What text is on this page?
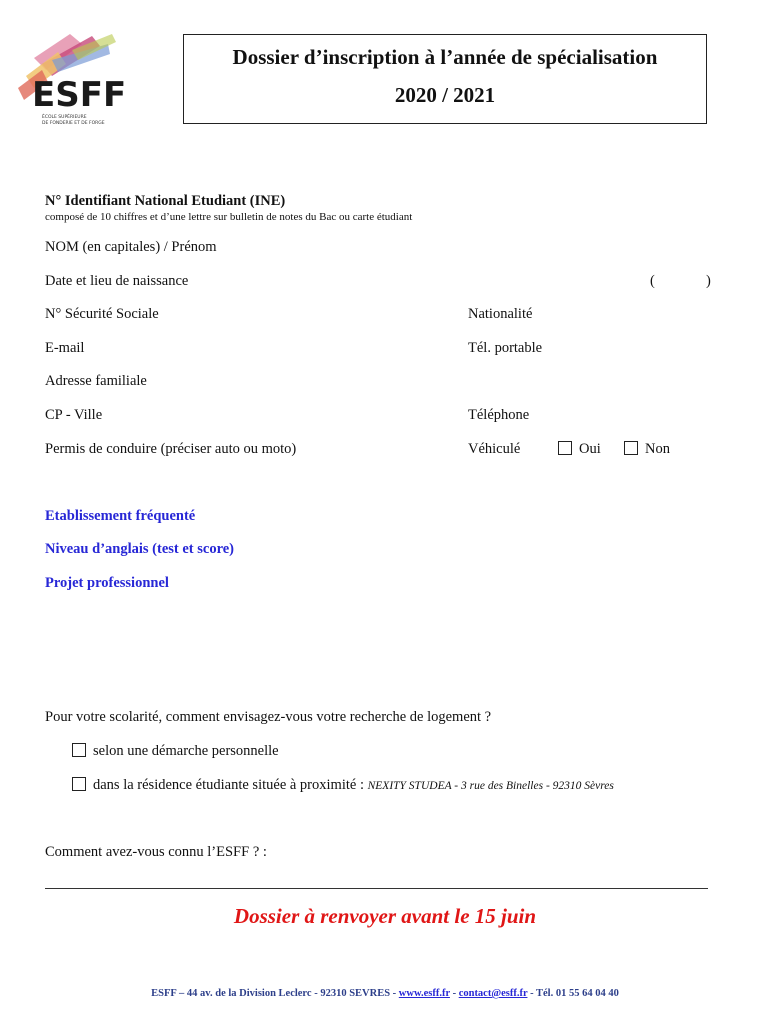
ESFF
ÉCOLE SUPÉRIEURE
DE FONDERIE ET DE FORGE
Dossier d’inscription à l’année de spécialisation
2020 / 2021
N° Identifiant National Etudiant (INE)
composé de 10 chiffres et d’une lettre sur bulletin de notes du Bac ou carte étudiant
NOM (en capitales) / Prénom
Date et lieu de naissance	(	)
N° Sécurité Sociale	Nationalité
E-mail	Tél. portable
Adresse familiale
CP - Ville	Téléphone
Permis de conduire (préciser auto ou moto)	Véhiculé	Oui	Non
Etablissement fréquenté
Niveau d’anglais (test et score)
Projet professionnel
Pour votre scolarité, comment envisagez-vous votre recherche de logement ?
selon une démarche personnelle
dans la résidence étudiante située à proximité : NEXITY STUDEA - 3 rue des Binelles - 92310 Sèvres
Comment avez-vous connu l’ESFF ? :
Dossier à renvoyer avant le 15 juin
ESFF – 44 av. de la Division Leclerc - 92310 SEVRES - www.esff.fr - contact@esff.fr - Tél. 01 55 64 04 40
